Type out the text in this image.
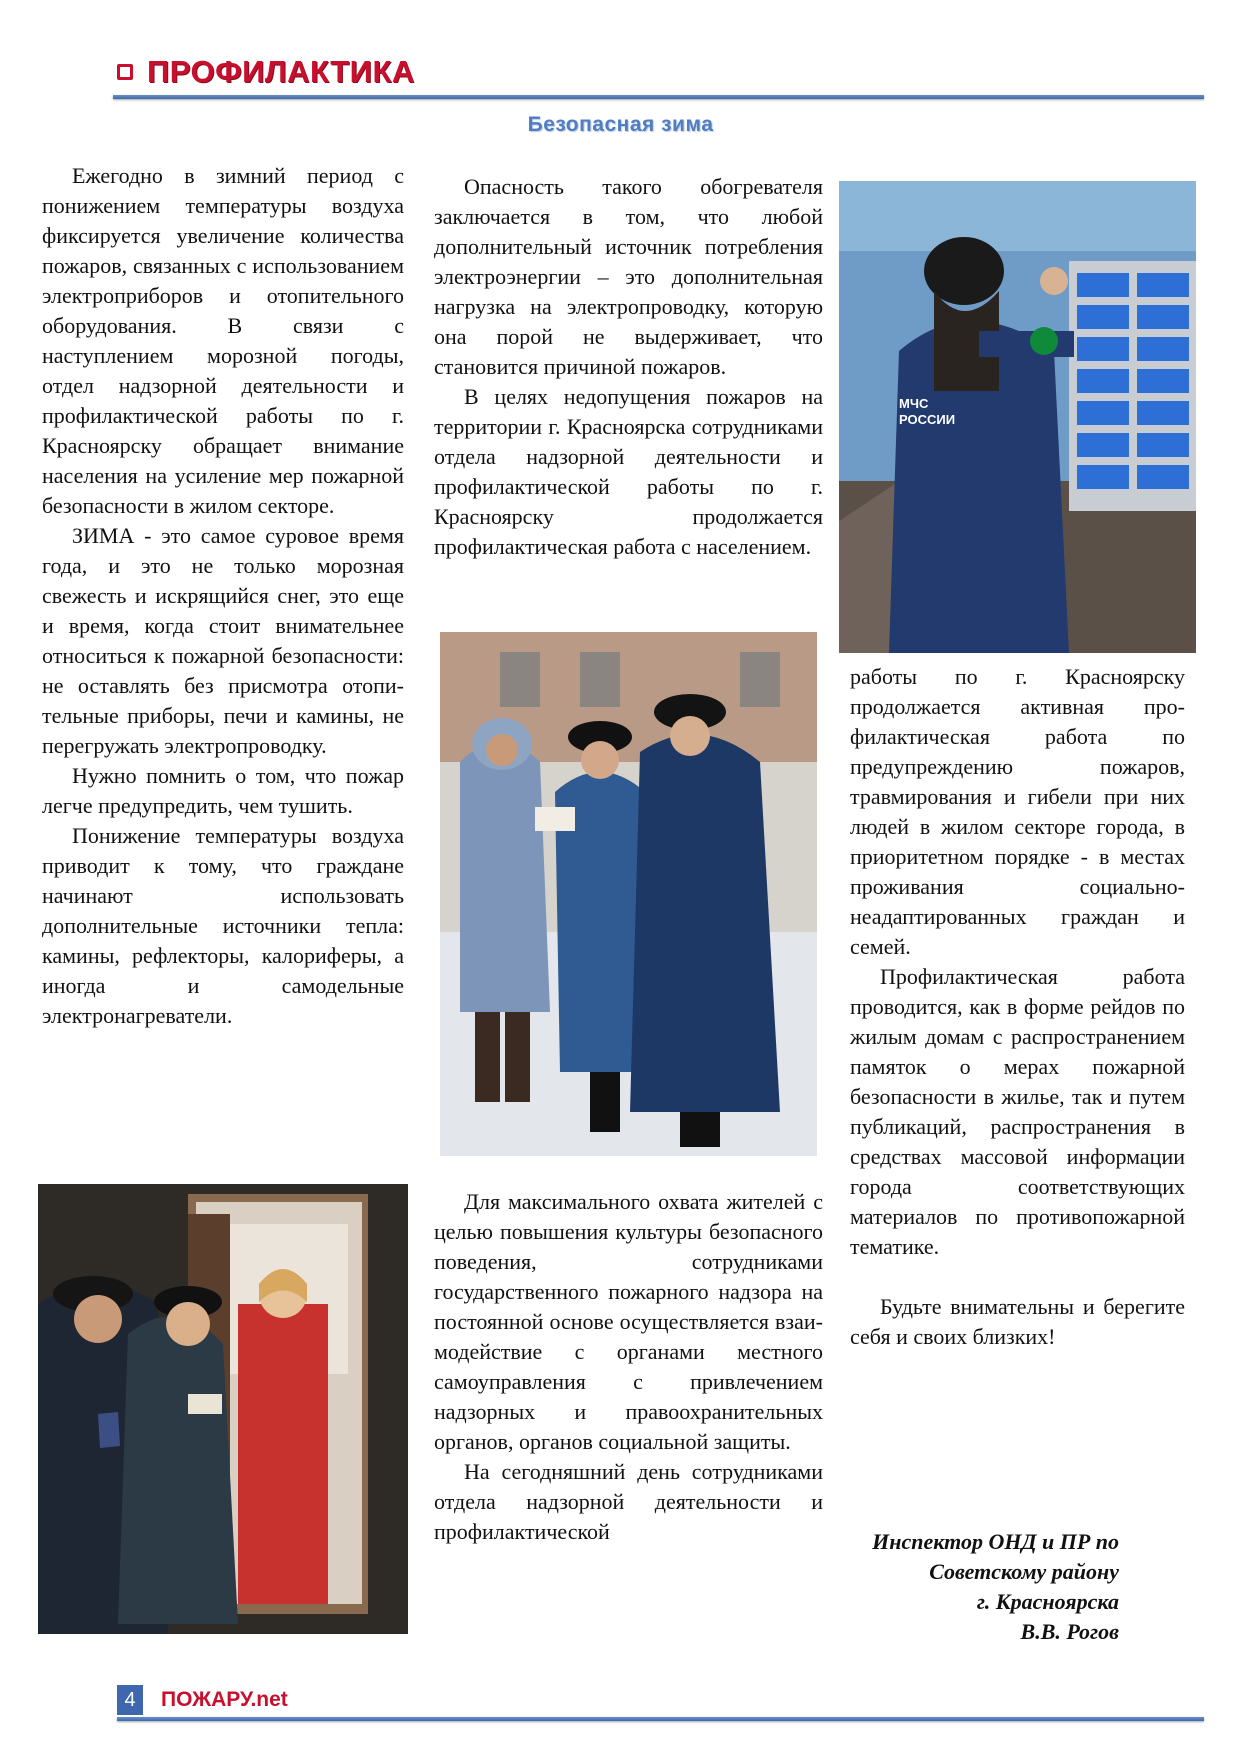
ПРОФИЛАКТИКА
Безопасная зима

Ежегодно в зимний период с понижением температуры воздуха фиксируется увеличение количества пожаров, связанных с использованием электроприборов и отопительного оборудования. В связи с наступлением морозной погоды, отдел надзорной деятельности и профилактической работы по г. Красноярску обращает внимание населения на усиление мер пожарной безопасности в жилом секторе.

ЗИМА - это самое суровое время года, и это не только морозная свежесть и искрящийся снег, это еще и время, когда стоит внимательнее относиться к пожарной безопасности: не оставлять без присмотра отопительные приборы, печи и камины, не перегружать электропроводку.

Нужно помнить о том, что пожар легче предупредить, чем тушить.

Понижение температуры воздуха приводит к тому, что граждане начинают использовать дополнительные источники тепла: камины, рефлекторы, калориферы, а иногда и самодельные электронагреватели.

Опасность такого обогревателя заключается в том, что любой дополнительный источник потребления электроэнергии – это дополнительная нагрузка на электропроводку, которую она порой не выдерживает, что становится причиной пожаров.

В целях недопущения пожаров на территории г. Красноярска сотрудниками отдела надзорной деятельности и профилактической работы по г. Красноярску продолжается профилактическая работа с населением.

Для максимального охвата жителей с целью повышения культуры безопасного поведения, сотрудниками государственного пожарного надзора на постоянной основе осуществляется взаимодействие с органами местного самоуправления с привлечением надзорных и правоохранительных органов, органов социальной защиты.

На сегодняшний день сотрудниками отдела надзорной деятельности и профилактической

МЧС РОССИИ

работы по г. Красноярску продолжается активная профилактическая работа по предупреждению пожаров, травмирования и гибели при них людей в жилом секторе города, в приоритетном порядке - в местах проживания социально-неадаптированных граждан и семей.

Профилактическая работа проводится, как в форме рейдов по жилым домам с распространением памяток о мерах пожарной безопасности в жилье, так и путем публикаций, распространения в средствах массовой информации города соответствующих материалов по противопожарной тематике.

Будьте внимательны и берегите себя и своих близких!

Инспектор ОНД и ПР по
Советскому району
г. Красноярска
В.В. Рогов
4	ПОЖАРУ.net
